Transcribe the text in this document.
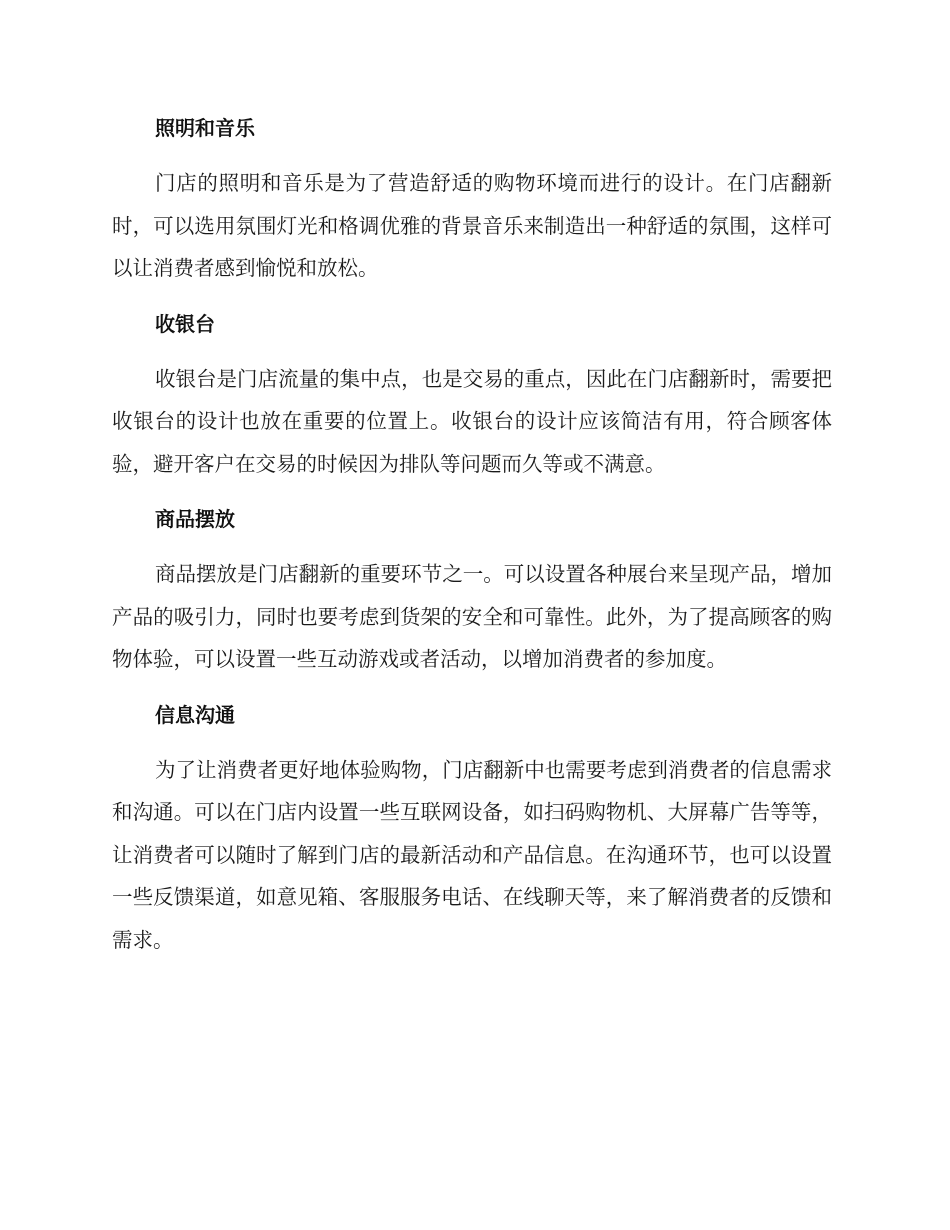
照明和音乐

门店的照明和音乐是为了营造舒适的购物环境而进行的设计。在门店翻新时，可以选用氛围灯光和格调优雅的背景音乐来制造出一种舒适的氛围，这样可以让消费者感到愉悦和放松。

收银台

收银台是门店流量的集中点，也是交易的重点，因此在门店翻新时，需要把收银台的设计也放在重要的位置上。收银台的设计应该简洁有用，符合顾客体验，避开客户在交易的时候因为排队等问题而久等或不满意。

商品摆放

商品摆放是门店翻新的重要环节之一。可以设置各种展台来呈现产品，增加产品的吸引力，同时也要考虑到货架的安全和可靠性。此外，为了提高顾客的购物体验，可以设置一些互动游戏或者活动，以增加消费者的参加度。

信息沟通

为了让消费者更好地体验购物，门店翻新中也需要考虑到消费者的信息需求和沟通。可以在门店内设置一些互联网设备，如扫码购物机、大屏幕广告等等，让消费者可以随时了解到门店的最新活动和产品信息。在沟通环节，也可以设置一些反馈渠道，如意见箱、客服服务电话、在线聊天等，来了解消费者的反馈和需求。
